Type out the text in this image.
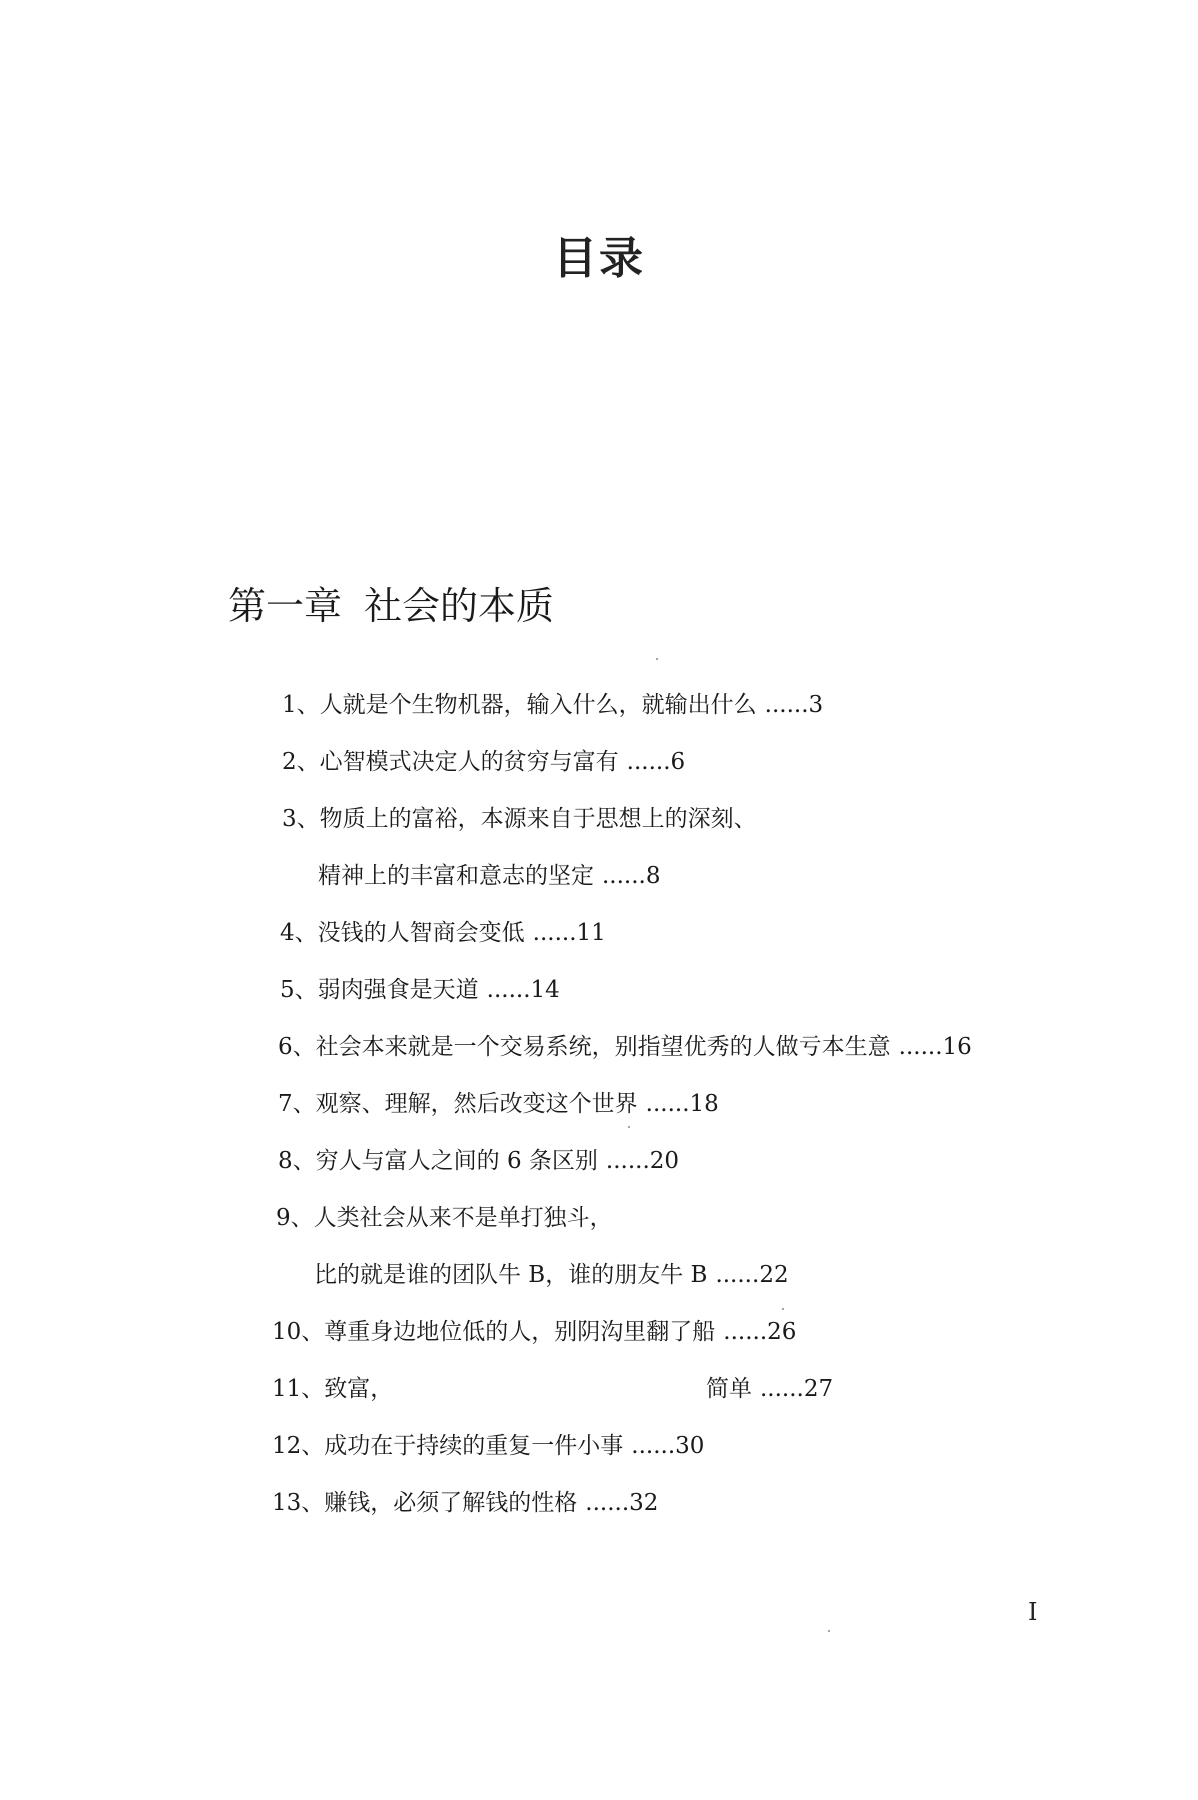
目录
第一章 社会的本质
1、人就是个生物机器，输入什么，就输出什么 ......3
2、心智模式决定人的贫穷与富有 ......6
3、物质上的富裕，本源来自于思想上的深刻、
精神上的丰富和意志的坚定 ......8
4、没钱的人智商会变低 ......11
5、弱肉强食是天道 ......14
6、社会本来就是一个交易系统，别指望优秀的人做亏本生意 ......16
7、观察、理解，然后改变这个世界 ......18
8、穷人与富人之间的 6 条区别 ......20
9、人类社会从来不是单打独斗，
比的就是谁的团队牛 B，谁的朋友牛 B ......22
10、尊重身边地位低的人，别阴沟里翻了船 ......26
11、致富，	简单 ......27
12、成功在于持续的重复一件小事 ......30
13、赚钱，必须了解钱的性格 ......32
I
